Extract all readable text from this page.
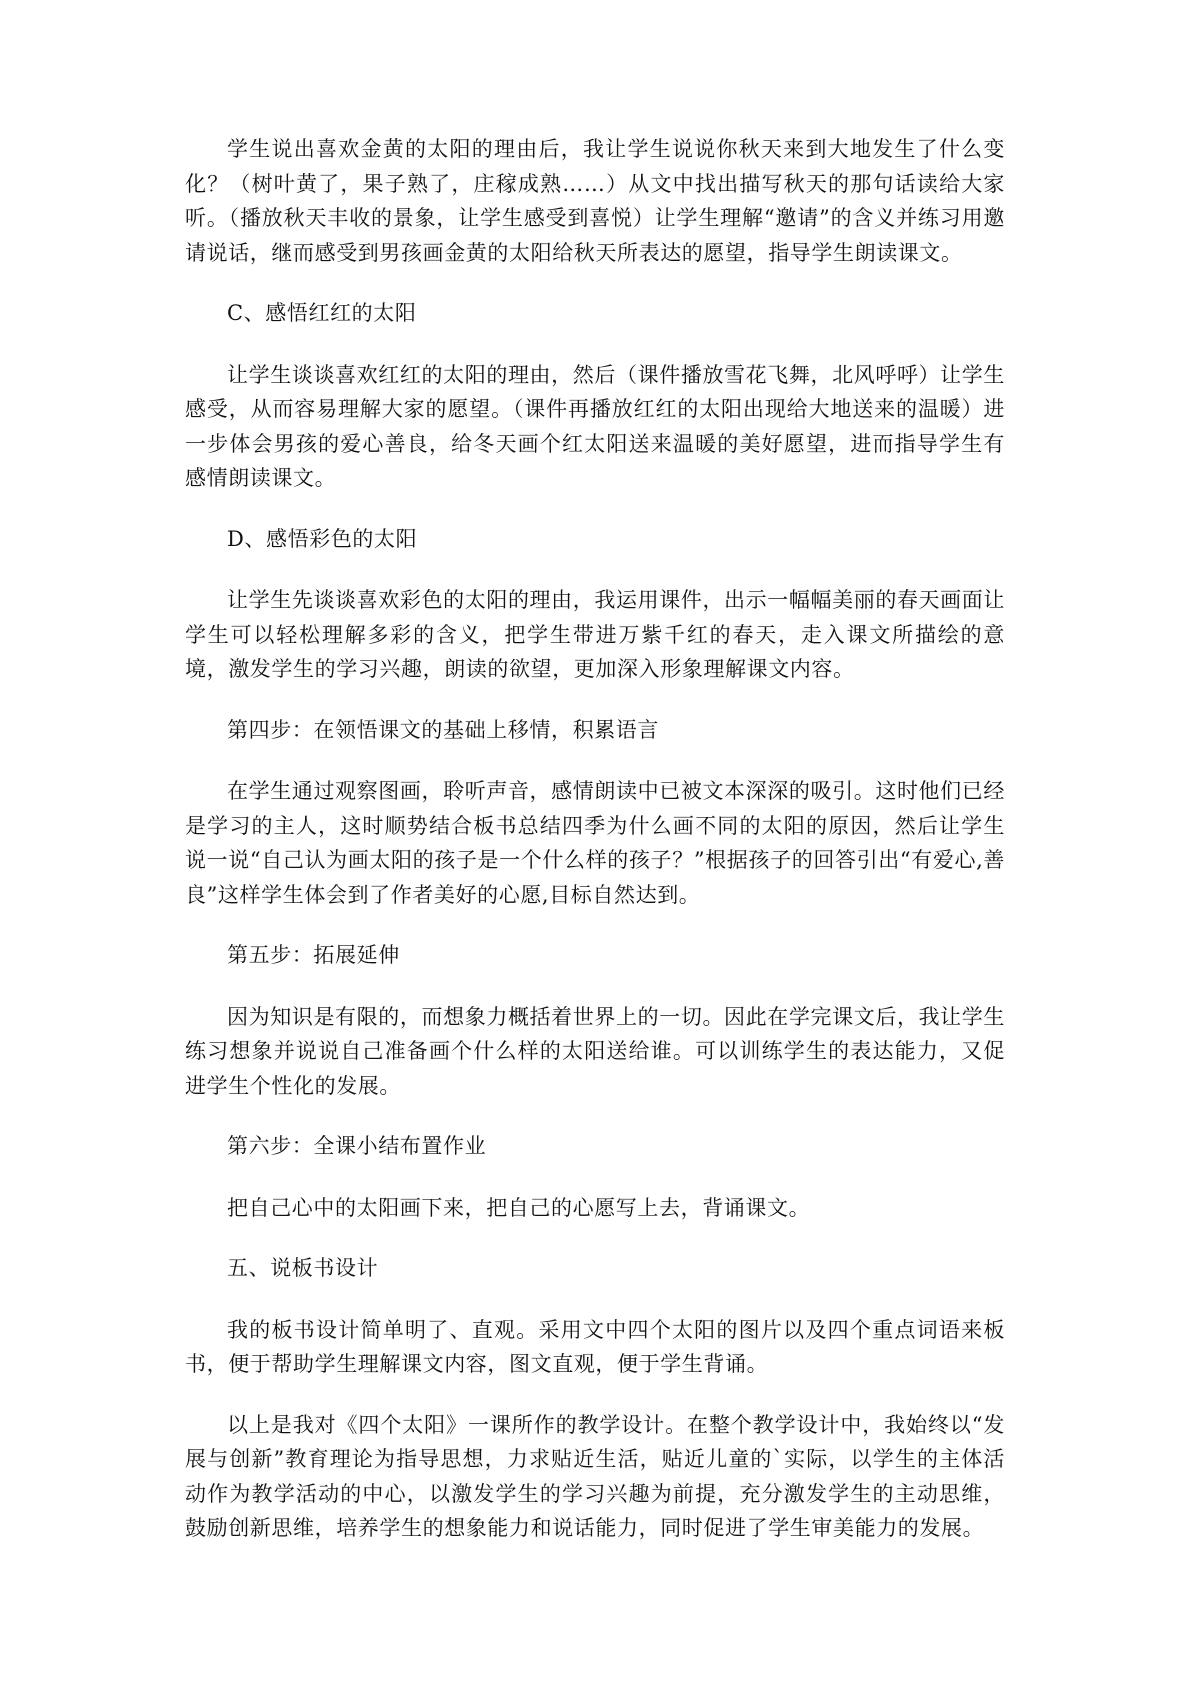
学生说出喜欢金黄的太阳的理由后，我让学生说说你秋天来到大地发生了什么变化？（树叶黄了，果子熟了，庄稼成熟……）从文中找出描写秋天的那句话读给大家听。（播放秋天丰收的景象，让学生感受到喜悦）让学生理解“邀请”的含义并练习用邀请说话，继而感受到男孩画金黄的太阳给秋天所表达的愿望，指导学生朗读课文。

C、感悟红红的太阳

让学生谈谈喜欢红红的太阳的理由，然后（课件播放雪花飞舞，北风呼呼）让学生感受，从而容易理解大家的愿望。（课件再播放红红的太阳出现给大地送来的温暖）进一步体会男孩的爱心善良，给冬天画个红太阳送来温暖的美好愿望，进而指导学生有感情朗读课文。

D、感悟彩色的太阳

让学生先谈谈喜欢彩色的太阳的理由，我运用课件，出示一幅幅美丽的春天画面让学生可以轻松理解多彩的含义，把学生带进万紫千红的春天，走入课文所描绘的意境，激发学生的学习兴趣，朗读的欲望，更加深入形象理解课文内容。

第四步：在领悟课文的基础上移情，积累语言

在学生通过观察图画，聆听声音，感情朗读中已被文本深深的吸引。这时他们已经是学习的主人，这时顺势结合板书总结四季为什么画不同的太阳的原因，然后让学生说一说“自己认为画太阳的孩子是一个什么样的孩子？”根据孩子的回答引出“有爱心,善良”这样学生体会到了作者美好的心愿,目标自然达到。

第五步：拓展延伸

因为知识是有限的，而想象力概括着世界上的一切。因此在学完课文后，我让学生练习想象并说说自己准备画个什么样的太阳送给谁。可以训练学生的表达能力，又促进学生个性化的发展。

第六步：全课小结布置作业

把自己心中的太阳画下来，把自己的心愿写上去，背诵课文。

五、说板书设计

我的板书设计简单明了、直观。采用文中四个太阳的图片以及四个重点词语来板书，便于帮助学生理解课文内容，图文直观，便于学生背诵。

以上是我对《四个太阳》一课所作的教学设计。在整个教学设计中，我始终以“发展与创新”教育理论为指导思想，力求贴近生活，贴近儿童的`实际，以学生的主体活动作为教学活动的中心，以激发学生的学习兴趣为前提，充分激发学生的主动思维，鼓励创新思维，培养学生的想象能力和说话能力，同时促进了学生审美能力的发展。
